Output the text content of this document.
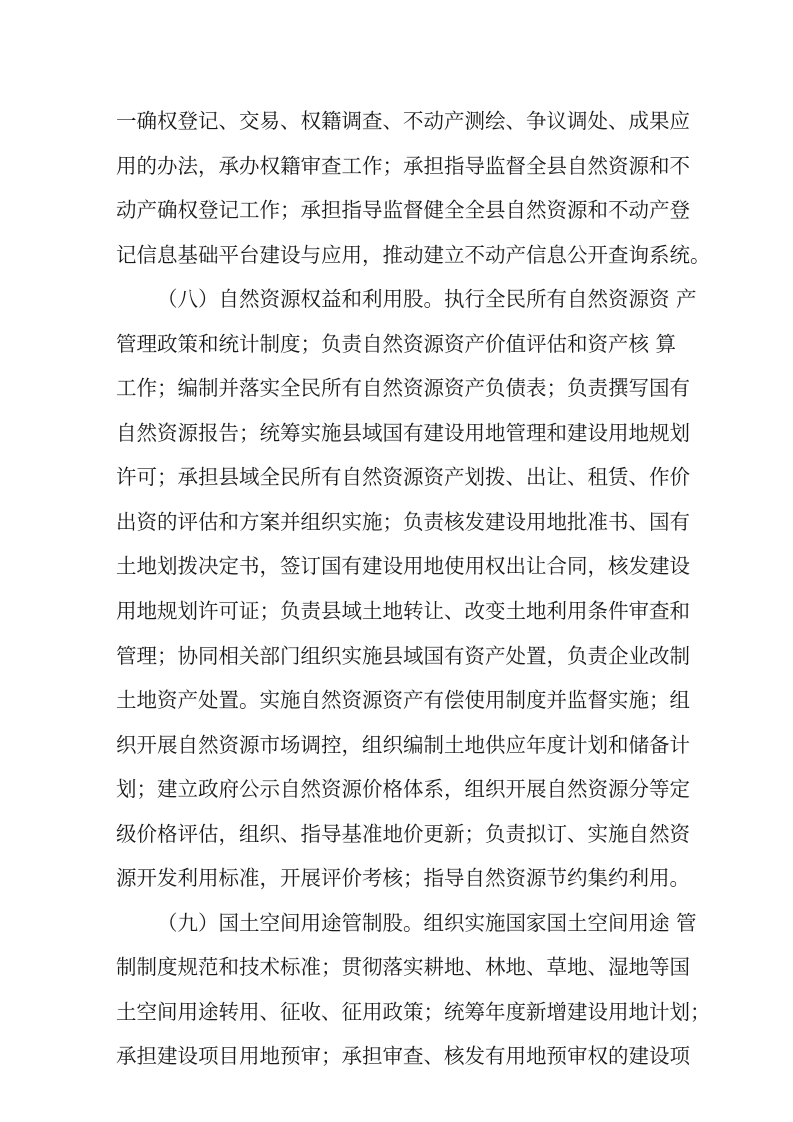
一确权登记、交易、权籍调查、不动产测绘、争议调处、成果应
用的办法，承办权籍审查工作；承担指导监督全县自然资源和不
动产确权登记工作；承担指导监督健全全县自然资源和不动产登
记信息基础平台建设与应用，推动建立不动产信息公开查询系统。
（八）自然资源权益和利用股。执行全民所有自然资源资 产
管理政策和统计制度；负责自然资源资产价值评估和资产核 算
工作；编制并落实全民所有自然资源资产负债表；负责撰写国有
自然资源报告；统筹实施县域国有建设用地管理和建设用地规划
许可；承担县域全民所有自然资源资产划拨、出让、租赁、作价
出资的评估和方案并组织实施；负责核发建设用地批准书、国有
土地划拨决定书，签订国有建设用地使用权出让合同，核发建设
用地规划许可证；负责县域土地转让、改变土地利用条件审查和
管理；协同相关部门组织实施县域国有资产处置，负责企业改制
土地资产处置。实施自然资源资产有偿使用制度并监督实施；组
织开展自然资源市场调控，组织编制土地供应年度计划和储备计
划；建立政府公示自然资源价格体系，组织开展自然资源分等定
级价格评估，组织、指导基准地价更新；负责拟订、实施自然资
源开发利用标准，开展评价考核；指导自然资源节约集约利用。
（九）国土空间用途管制股。组织实施国家国土空间用途 管
制制度规范和技术标准；贯彻落实耕地、林地、草地、湿地等国
土空间用途转用、征收、征用政策；统筹年度新增建设用地计划；
承担建设项目用地预审；承担审查、核发有用地预审权的建设项
